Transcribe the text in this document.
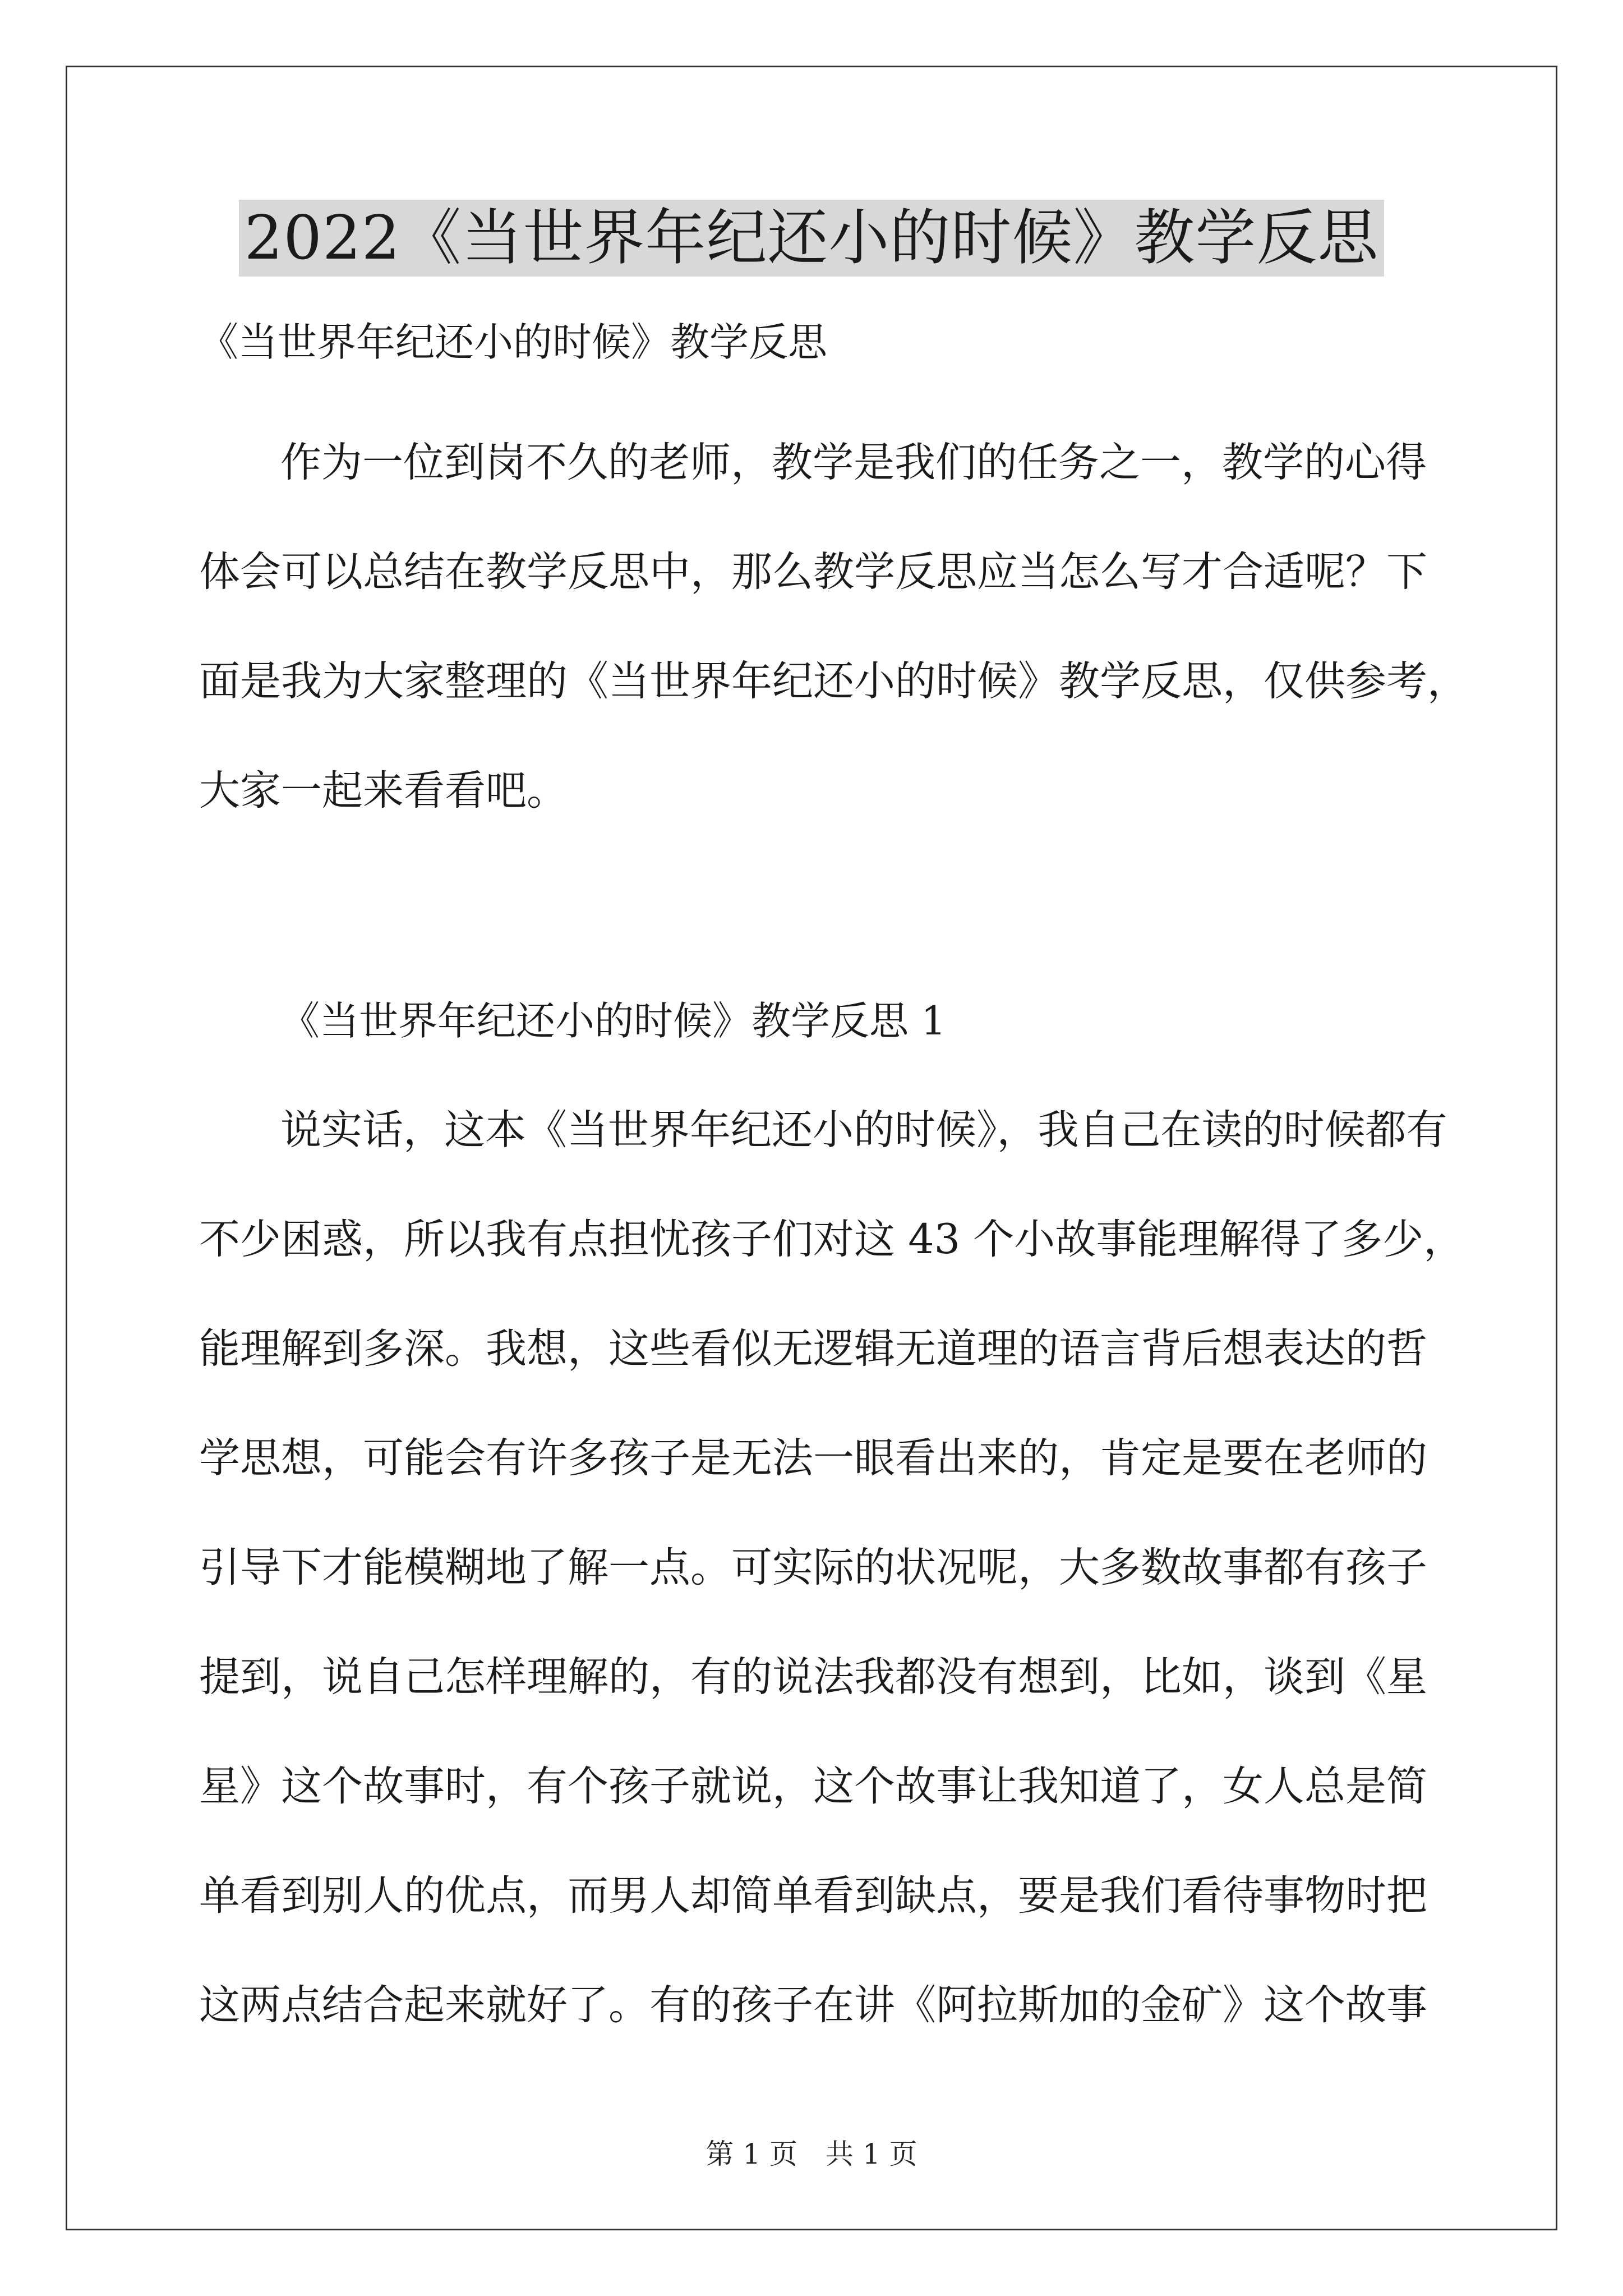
2022《当世界年纪还小的时候》教学反思
《当世界年纪还小的时候》教学反思
作为一位到岗不久的老师，教学是我们的任务之一，教学的心得
体会可以总结在教学反思中，那么教学反思应当怎么写才合适呢？下
面是我为大家整理的《当世界年纪还小的时候》教学反思，仅供参考，
大家一起来看看吧。
《当世界年纪还小的时候》教学反思 1
说实话，这本《当世界年纪还小的时候》，我自己在读的时候都有
不少困惑，所以我有点担忧孩子们对这 43 个小故事能理解得了多少，
能理解到多深。我想，这些看似无逻辑无道理的语言背后想表达的哲
学思想，可能会有许多孩子是无法一眼看出来的，肯定是要在老师的
引导下才能模糊地了解一点。可实际的状况呢，大多数故事都有孩子
提到，说自己怎样理解的，有的说法我都没有想到，比如，谈到《星
星》这个故事时，有个孩子就说，这个故事让我知道了，女人总是简
单看到别人的优点，而男人却简单看到缺点，要是我们看待事物时把
这两点结合起来就好了。有的孩子在讲《阿拉斯加的金矿》这个故事
第 1 页　共 1 页
